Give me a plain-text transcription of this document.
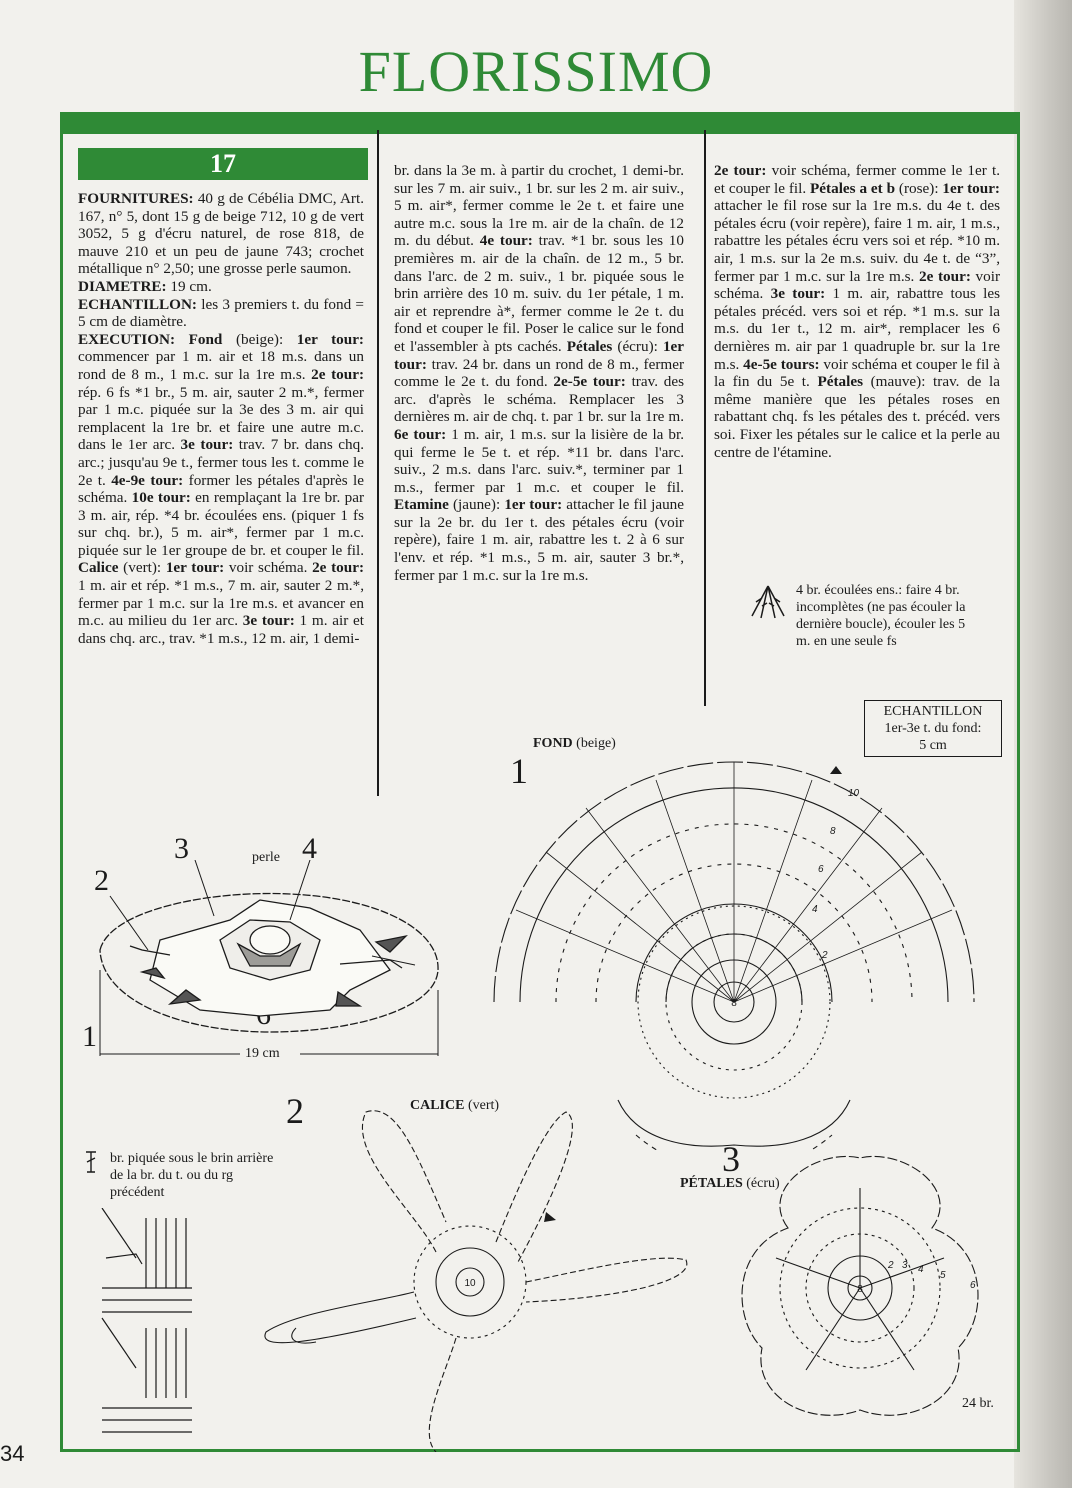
FLORISSIMO
17

FOURNITURES: 40 g de Cébélia DMC, Art. 167, n° 5, dont 15 g de beige 712, 10 g de vert 3052, 5 g d'écru naturel, de rose 818, de mauve 210 et un peu de jaune 743; crochet métallique n° 2,50; une grosse perle saumon.

DIAMETRE: 19 cm.

ECHANTILLON: les 3 premiers t. du fond = 5 cm de diamètre.

EXECUTION: Fond (beige): 1er tour: commencer par 1 m. air et 18 m.s. dans un rond de 8 m., 1 m.c. sur la 1re m.s. 2e tour: rép. 6 fs *1 br., 5 m. air, sauter 2 m.*, fermer par 1 m.c. piquée sur la 3e des 3 m. air qui remplacent la 1re br. et faire une autre m.c. dans le 1er arc. 3e tour: trav. 7 br. dans chq. arc.; jusqu'au 9e t., fermer tous les t. comme le 2e t. 4e-9e tour: former les pétales d'après le schéma. 10e tour: en remplaçant la 1re br. par 3 m. air, rép. *4 br. écoulées ens. (piquer 1 fs sur chq. br.), 5 m. air*, fermer par 1 m.c. piquée sur le 1er groupe de br. et couper le fil. Calice (vert): 1er tour: voir schéma. 2e tour: 1 m. air et rép. *1 m.s., 7 m. air, sauter 2 m.*, fermer par 1 m.c. sur la 1re m.s. et avancer en m.c. au milieu du 1er arc. 3e tour: 1 m. air et dans chq. arc., trav. *1 m.s., 12 m. air, 1 demi-

br. dans la 3e m. à partir du crochet, 1 demi-br. sur les 7 m. air suiv., 1 br. sur les 2 m. air suiv., 5 m. air*, fermer comme le 2e t. et faire une autre m.c. sous la 1re m. air de la chaîn. de 12 m. du début. 4e tour: trav. *1 br. sous les 10 premières m. air de la chaîn. de 12 m., 5 br. dans l'arc. de 2 m. suiv., 1 br. piquée sous le brin arrière des 10 m. suiv. du 1er pétale, 1 m. air et reprendre à*, fermer comme le 2e t. du fond et couper le fil. Poser le calice sur le fond et l'assembler à pts cachés. Pétales (écru): 1er tour: trav. 24 br. dans un rond de 8 m., fermer comme le 2e t. du fond. 2e-5e tour: trav. des arc. d'après le schéma. Remplacer les 3 dernières m. air de chq. t. par 1 br. sur la 1re m. 6e tour: 1 m. air, 1 m.s. sur la lisière de la br. qui ferme le 5e t. et rép. *11 br. dans l'arc. suiv., 2 m.s. dans l'arc. suiv.*, terminer par 1 m.s., fermer par 1 m.c. et couper le fil. Etamine (jaune): 1er tour: attacher le fil jaune sur la 2e br. du 1er t. des pétales écru (voir repère), faire 1 m. air, rabattre les t. 2 à 6 sur l'env. et rép. *1 m.s., 5 m. air, sauter 3 br.*, fermer par 1 m.c. sur la 1re m.s.

2e tour: voir schéma, fermer comme le 1er t. et couper le fil. Pétales a et b (rose): 1er tour: attacher le fil rose sur la 1re m.s. du 4e t. des pétales écru (voir repère), faire 1 m. air, 1 m.s., rabattre les pétales écru vers soi et rép. *10 m. air, 1 m.s. sur la 2e m.s. suiv. du 4e t. de “3”, fermer par 1 m.c. sur la 1re m.s. 2e tour: voir schéma. 3e tour: 1 m. air, rabattre tous les pétales précéd. vers soi et rép. *1 m.s. sur la m.s. du 1er t., 12 m. air*, remplacer les 6 dernières m. air par 1 quadruple br. sur la 1re m.s. 4e-5e tours: voir schéma et couper le fil à la fin du 5e t. Pétales (mauve): trav. de la même manière que les pétales roses en rabattant chq. fs les pétales des t. précéd. vers soi. Fixer les pétales sur le calice et la perle au centre de l'étamine.

4 br. écoulées ens.: faire 4 br. incomplètes (ne pas écouler la dernière boucle), écouler les 5 m. en une seule fs
ECHANTILLON
1er-3e t. du fond:
5 cm
1
FOND (beige)
8
2
4
6
8
10
3	4
2
1
perle
19 cm
2	CALICE (vert)
10
3
PÉTALES (écru)
8
2 3 4
5
6
24 br.
br. piquée sous le brin arrière de la br. du t. ou du rg précédent
34
